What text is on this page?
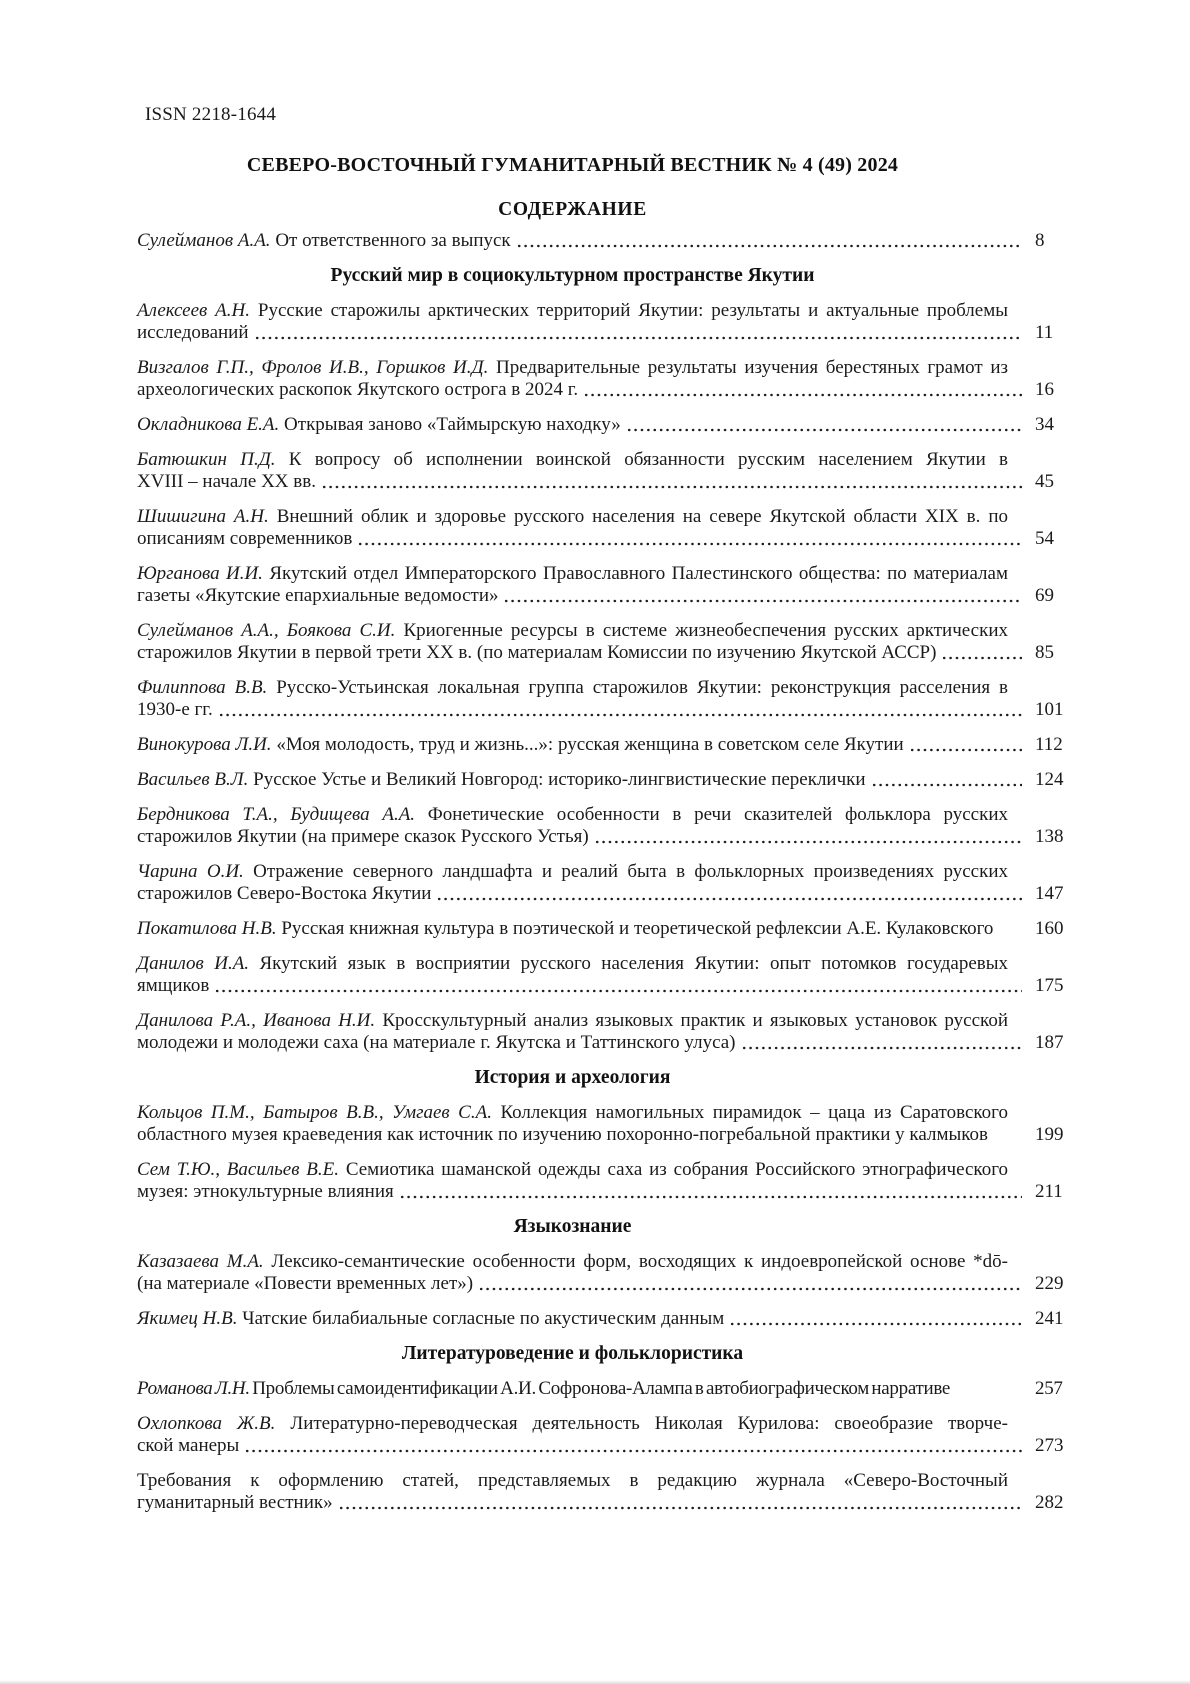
ISSN 2218-1644
СЕВЕРО-ВОСТОЧНЫЙ ГУМАНИТАРНЫЙ ВЕСТНИК № 4 (49) 2024
СОДЕРЖАНИЕ
Сулейманов А.А. От ответственного за выпуск	8
Русский мир в социокультурном пространстве Якутии
Алексеев А.Н. Русские старожилы арктических территорий Якутии: результаты и актуальные проблемы
исследований	11
Визгалов Г.П., Фролов И.В., Горшков И.Д. Предварительные результаты изучения берестяных грамот из
археологических раскопок Якутского острога в 2024 г.	16
Окладникова Е.А. Открывая заново «Таймырскую находку»	34
Батюшкин П.Д. К вопросу об исполнении воинской обязанности русским населением Якутии в
XVIII – начале XX вв.	45
Шишигина А.Н. Внешний облик и здоровье русского населения на севере Якутской области XIX в. по
описаниям современников	54
Юрганова И.И. Якутский отдел Императорского Православного Палестинского общества: по материалам
газеты «Якутские епархиальные ведомости»	69
Сулейманов А.А., Боякова С.И. Криогенные ресурсы в системе жизнеобеспечения русских арктических
старожилов Якутии в первой трети XX в. (по материалам Комиссии по изучению Якутской АССР)	85
Филиппова В.В. Русско-Устьинская локальная группа старожилов Якутии: реконструкция расселения в
1930-е гг.	101
Винокурова Л.И. «Моя молодость, труд и жизнь...»: русская женщина в советском селе Якутии	112
Васильев В.Л. Русское Устье и Великий Новгород: историко-лингвистические переклички	124
Бердникова Т.А., Будищева А.А. Фонетические особенности в речи сказителей фольклора русских
старожилов Якутии (на примере сказок Русского Устья)	138
Чарина О.И. Отражение северного ландшафта и реалий быта в фольклорных произведениях русских
старожилов Северо-Востока Якутии	147
Покатилова Н.В. Русская книжная культура в поэтической и теоретической рефлексии А.Е. Кулаковского 160
Данилов И.А. Якутский язык в восприятии русского населения Якутии: опыт потомков государевых
ямщиков	175
Данилова Р.А., Иванова Н.И. Кросскультурный анализ языковых практик и языковых установок русской
молодежи и молодежи саха (на материале г. Якутска и Таттинского улуса)	187
История и археология
Кольцов П.М., Батыров В.В., Умгаев С.А. Коллекция намогильных пирамидок – цаца из Саратовского
областного музея краеведения как источник по изучению похоронно-погребальной практики у калмыков 199
Сем Т.Ю., Васильев В.Е. Семиотика шаманской одежды саха из собрания Российского этнографического
музея: этнокультурные влияния	211
Языкознание
Казазаева М.А. Лексико-семантические особенности форм, восходящих к индоевропейской основе *dō-
(на материале «Повести временных лет»)	229
Якимец Н.В. Чатские билабиальные согласные по акустическим данным	241
Литературоведение и фольклористика
Романова Л.Н. Проблемы самоидентификации А.И. Софронова-Алампа в автобиографическом нарративе	257
Охлопкова Ж.В. Литературно-переводческая деятельность Николая Курилова: своеобразие творче-
ской манеры	273
Требования к оформлению статей, представляемых в редакцию журнала «Северо-Восточный
гуманитарный вестник»	282
